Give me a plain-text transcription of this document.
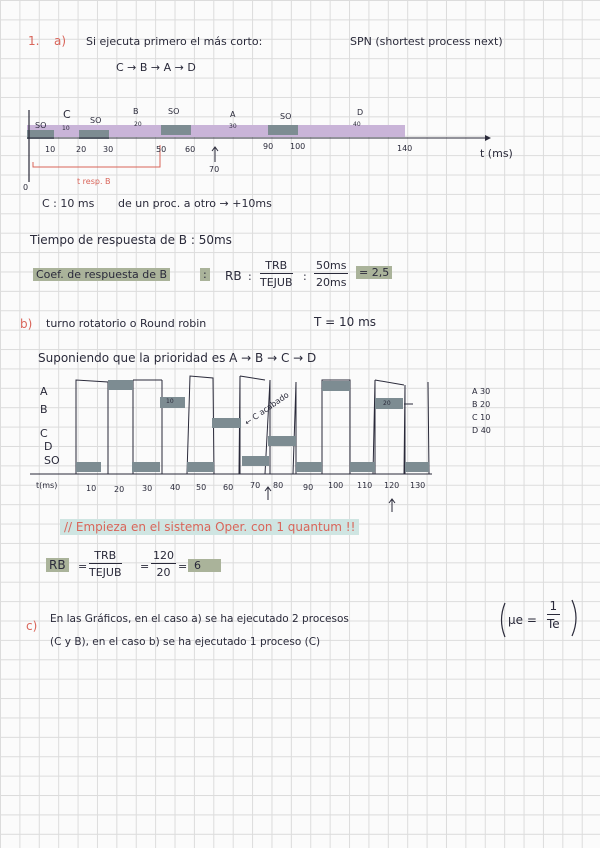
1. a) Si ejecuta primero el más corto:	SPN (shortest process next)
C → B → A → D
SO
C SO
B	SO	A	SO	D
10
20	30	40
10	20 30	50 60	90 100	140
70
t (ms)
0
t resp. B
C : 10 ms de un proc. a otro → +10ms
Tiempo de respuesta de B : 50ms
Coef. de respuesta de B	: RB :
TRB
TEJUB : $\frac{50ms}{20ms} = 2,5$
b) turno rotatorio o Round robin	T = 10 ms
Suponiendo que la prioridad es A → B → C → D
A
B
C
D
SO
t(ms)	10 20 30 40 50 60 70 80 90 100 110 120 130
10	20
← C acabado	A 30
B 20
C 10
D 40
// Empieza en el sistema Oper. con 1 quantum !!
RB =
TRB
TEJUB = $\frac{120}{20} = 6$
c) En las Gráficos, en el caso a) se ha ejecutado 2 procesos
(C y B), en el caso b) se ha ejecutado 1 proceso (C)
$\mu e = \frac{1}{Te}$
